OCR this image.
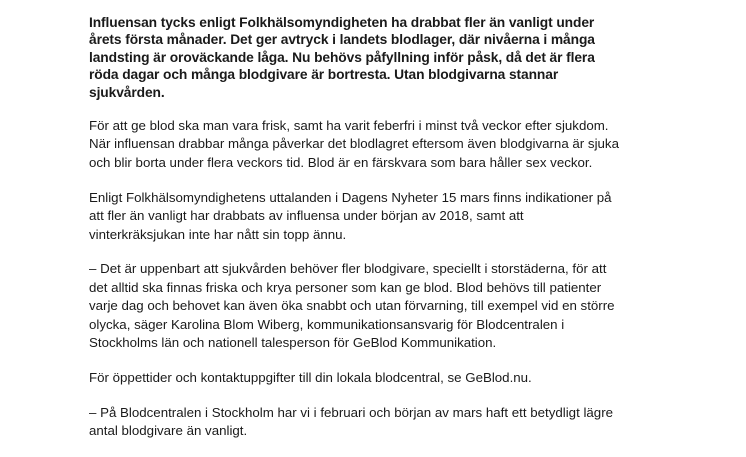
Influensan tycks enligt Folkhälsomyndigheten ha drabbat fler än vanligt under årets första månader. Det ger avtryck i landets blodlager, där nivåerna i många landsting är oroväckande låga. Nu behövs påfyllning inför påsk, då det är flera röda dagar och många blodgivare är bortresta. Utan blodgivarna stannar sjukvården.

För att ge blod ska man vara frisk, samt ha varit feberfri i minst två veckor efter sjukdom. När influensan drabbar många påverkar det blodlagret eftersom även blodgivarna är sjuka och blir borta under flera veckors tid. Blod är en färskvara som bara håller sex veckor.

Enligt Folkhälsomyndighetens uttalanden i Dagens Nyheter 15 mars finns indikationer på att fler än vanligt har drabbats av influensa under början av 2018, samt att vinterkräksjukan inte har nått sin topp ännu.

– Det är uppenbart att sjukvården behöver fler blodgivare, speciellt i storstäderna, för att det alltid ska finnas friska och krya personer som kan ge blod. Blod behövs till patienter varje dag och behovet kan även öka snabbt och utan förvarning, till exempel vid en större olycka, säger Karolina Blom Wiberg, kommunikationsansvarig för Blodcentralen i Stockholms län och nationell talesperson för GeBlod Kommunikation.

För öppettider och kontaktuppgifter till din lokala blodcentral, se GeBlod.nu.

– På Blodcentralen i Stockholm har vi i februari och början av mars haft ett betydligt lägre antal blodgivare än vanligt.
